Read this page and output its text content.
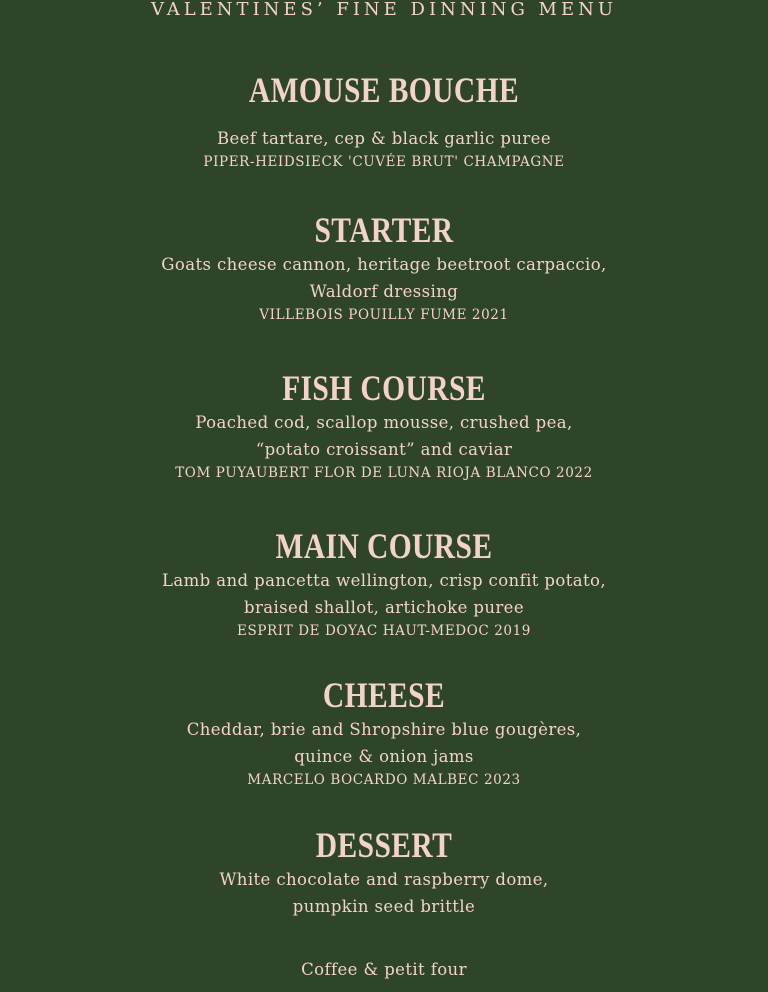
VALENTINES’ FINE DINNING MENU
AMOUSE BOUCHE

Beef tartare, cep & black garlic puree

PIPER-HEIDSIECK 'CUVÉE BRUT' CHAMPAGNE

STARTER

Goats cheese cannon, heritage beetroot carpaccio,

Waldorf dressing

VILLEBOIS POUILLY FUME 2021

FISH COURSE

Poached cod, scallop mousse, crushed pea,

“potato croissant” and caviar

TOM PUYAUBERT FLOR DE LUNA RIOJA BLANCO 2022

MAIN COURSE

Lamb and pancetta wellington, crisp confit potato,

braised shallot, artichoke puree

ESPRIT DE DOYAC HAUT-MEDOC 2019

CHEESE

Cheddar, brie and Shropshire blue gougères,

quince & onion jams

MARCELO BOCARDO MALBEC 2023

DESSERT

White chocolate and raspberry dome,

pumpkin seed brittle

Coffee & petit four
